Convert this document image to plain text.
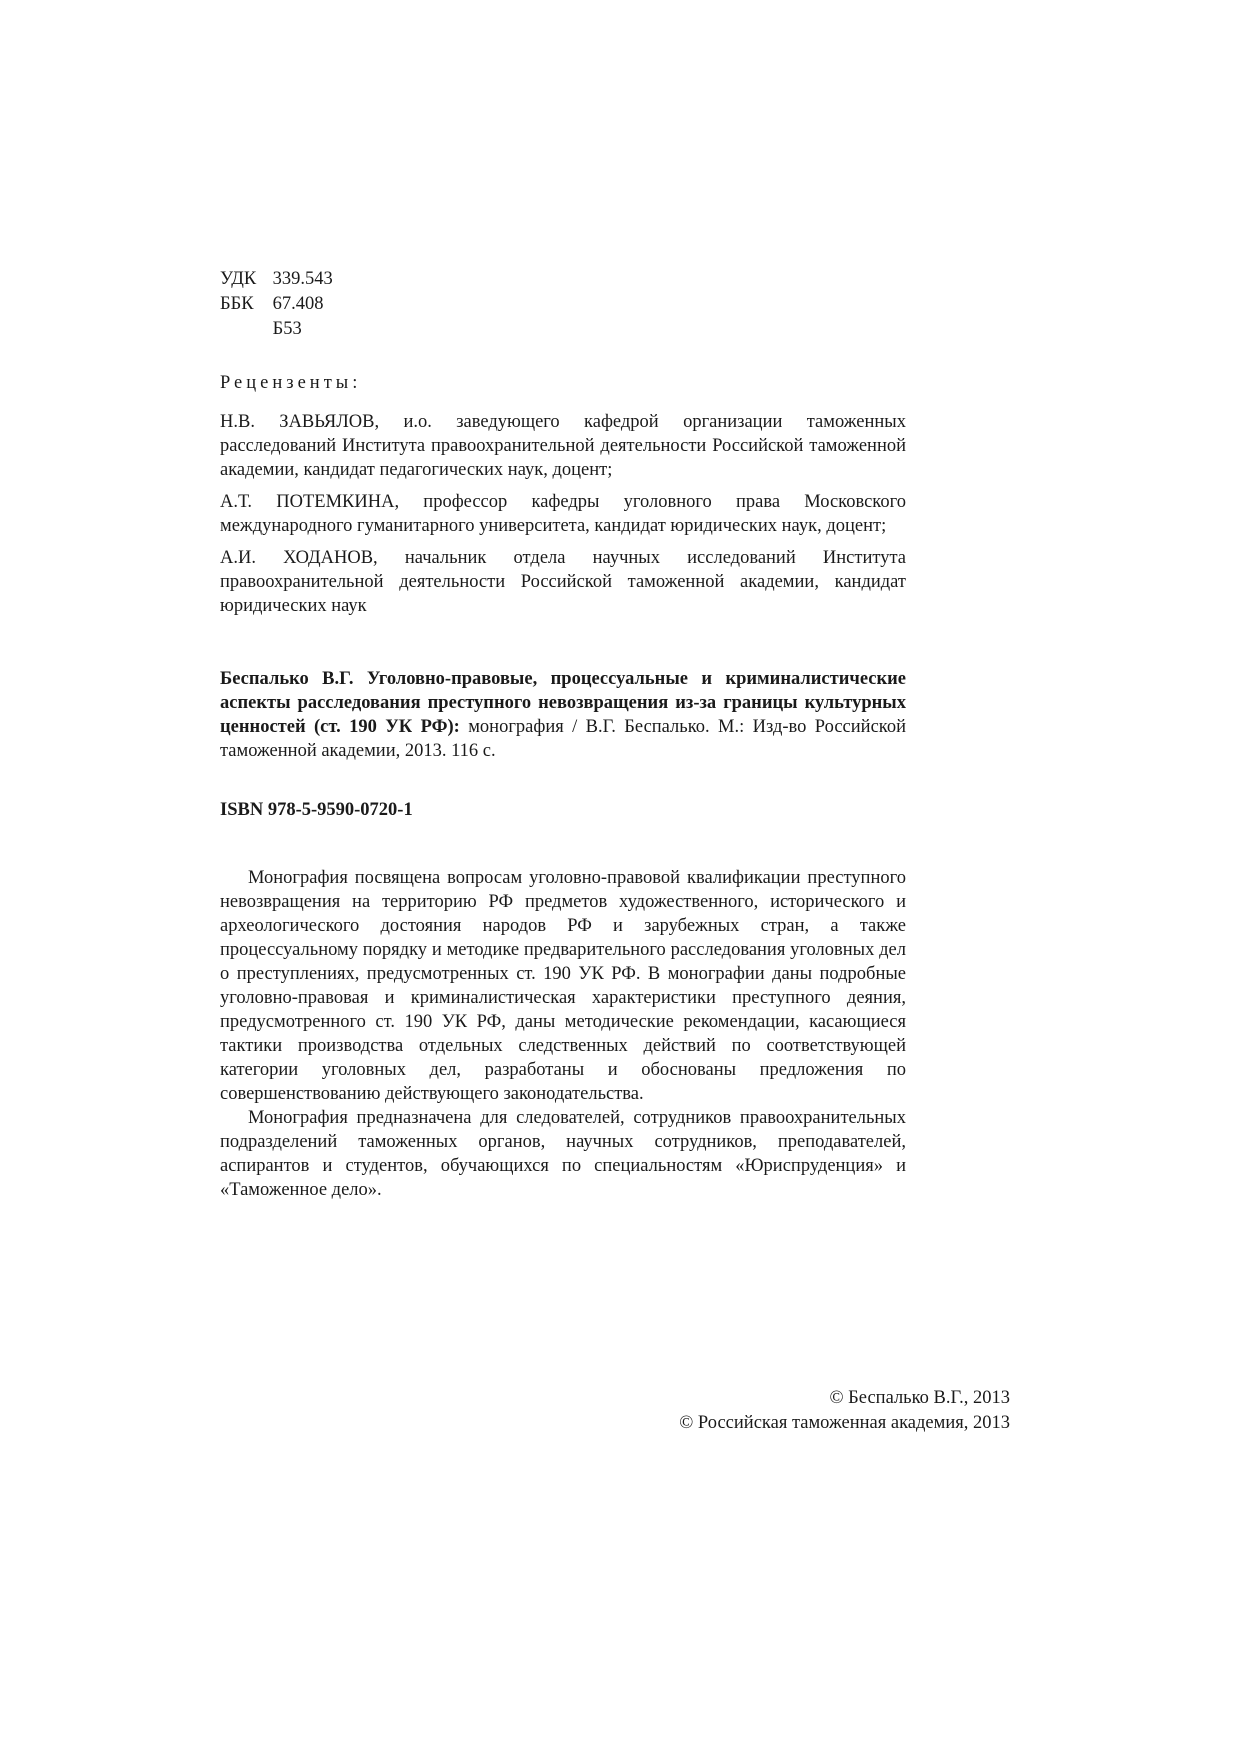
УДК 339.543
ББК 67.408
Б53
Рецензенты:

Н.В. ЗАВЬЯЛОВ, и.о. заведующего кафедрой организации таможенных расследований Института правоохранительной деятельности Российской таможенной академии, кандидат педагогических наук, доцент;

А.Т. ПОТЕМКИНА, профессор кафедры уголовного права Московского международного гуманитарного университета, кандидат юридических наук, доцент;

А.И. ХОДАНОВ, начальник отдела научных исследований Института правоохранительной деятельности Российской таможенной академии, кандидат юридических наук

Беспалько В.Г. Уголовно-правовые, процессуальные и криминалистические аспекты расследования преступного невозвращения из-за границы культурных ценностей (ст. 190 УК РФ): монография / В.Г. Беспалько. М.: Изд-во Российской таможенной академии, 2013. 116 с.
ISBN 978-5-9590-0720-1

Монография посвящена вопросам уголовно-правовой квалификации преступного невозвращения на территорию РФ предметов художественного, исторического и археологического достояния народов РФ и зарубежных стран, а также процессуальному порядку и методике предварительного расследования уголовных дел о преступлениях, предусмотренных ст. 190 УК РФ. В монографии даны подробные уголовно-правовая и криминалистическая характеристики преступного деяния, предусмотренного ст. 190 УК РФ, даны методические рекомендации, касающиеся тактики производства отдельных следственных действий по соответствующей категории уголовных дел, разработаны и обоснованы предложения по совершенствованию действующего законодательства.

Монография предназначена для следователей, сотрудников правоохранительных подразделений таможенных органов, научных сотрудников, преподавателей, аспирантов и студентов, обучающихся по специальностям «Юриспруденция» и «Таможенное дело».

© Беспалько В.Г., 2013
© Российская таможенная академия, 2013
